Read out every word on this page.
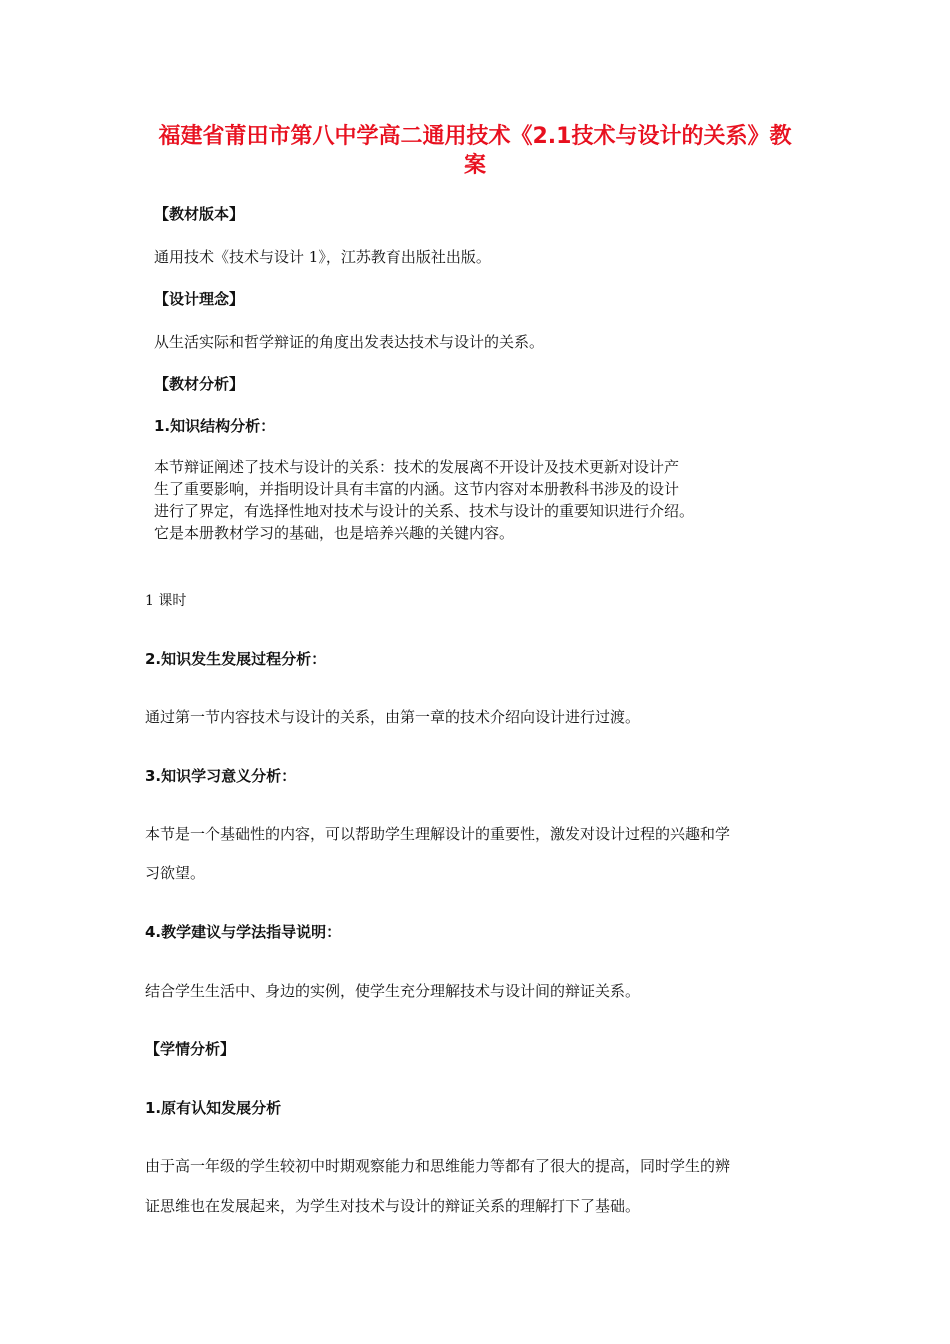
福建省莆田市第八中学高二通用技术《2.1技术与设计的关系》教
案
【教材版本】
通用技术《技术与设计 1》，江苏教育出版社出版。
【设计理念】
从生活实际和哲学辩证的角度出发表达技术与设计的关系。
【教材分析】
1.知识结构分析：
本节辩证阐述了技术与设计的关系：技术的发展离不开设计及技术更新对设计产
生了重要影响，并指明设计具有丰富的内涵。这节内容对本册教科书涉及的设计
进行了界定，有选择性地对技术与设计的关系、技术与设计的重要知识进行介绍。
它是本册教材学习的基础，也是培养兴趣的关键内容。
1 课时
2.知识发生发展过程分析：
通过第一节内容技术与设计的关系，由第一章的技术介绍向设计进行过渡。
3.知识学习意义分析：
本节是一个基础性的内容，可以帮助学生理解设计的重要性，激发对设计过程的兴趣和学
习欲望。
4.教学建议与学法指导说明：
结合学生生活中、身边的实例，使学生充分理解技术与设计间的辩证关系。
【学情分析】
1.原有认知发展分析
由于高一年级的学生较初中时期观察能力和思维能力等都有了很大的提高，同时学生的辨
证思维也在发展起来，为学生对技术与设计的辩证关系的理解打下了基础。
